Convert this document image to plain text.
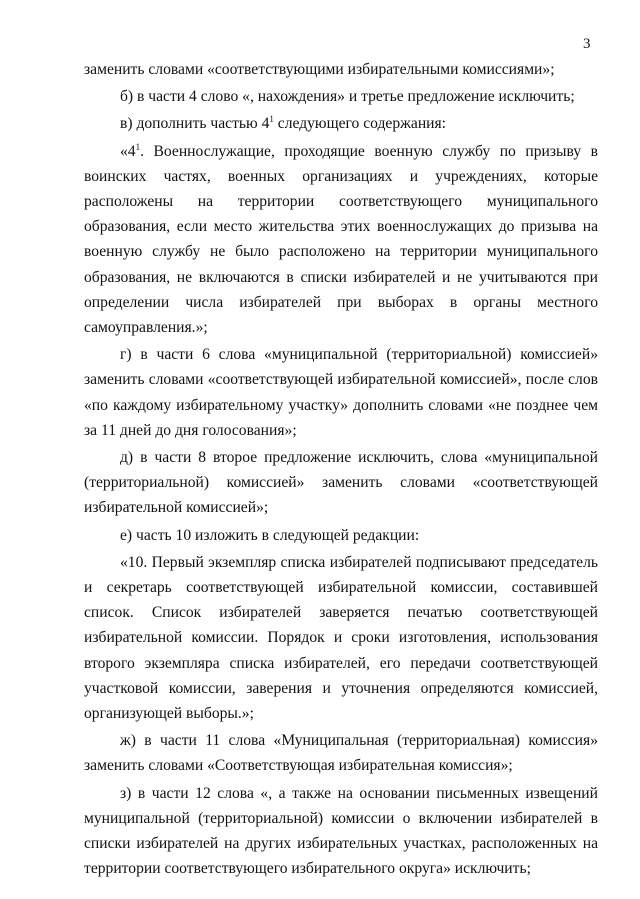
3

заменить словами «соответствующими избирательными комиссиями»;

б) в части 4 слово «, нахождения» и третье предложение исключить;

в) дополнить частью $4^1$ следующего содержания:

«$4^1$. Военнослужащие, проходящие военную службу по призыву в воинских частях, военных организациях и учреждениях, которые расположены на территории соответствующего муниципального образования, если место жительства этих военнослужащих до призыва на военную службу не было расположено на территории муниципального образования, не включаются в списки избирателей и не учитываются при определении числа избирателей при выборах в органы местного самоуправления.»;

г) в части 6 слова «муниципальной (территориальной) комиссией» заменить словами «соответствующей избирательной комиссией», после слов «по каждому избирательному участку» дополнить словами «не позднее чем за 11 дней до дня голосования»;

д) в части 8 второе предложение исключить, слова «муниципальной (территориальной) комиссией» заменить словами «соответствующей избирательной комиссией»;

е) часть 10 изложить в следующей редакции:

«10. Первый экземпляр списка избирателей подписывают председатель и секретарь соответствующей избирательной комиссии, составившей список. Список избирателей заверяется печатью соответствующей избирательной комиссии. Порядок и сроки изготовления, использования второго экземпляра списка избирателей, его передачи соответствующей участковой комиссии, заверения и уточнения определяются комиссией, организующей выборы.»;

ж) в части 11 слова «Муниципальная (территориальная) комиссия» заменить словами «Соответствующая избирательная комиссия»;

з) в части 12 слова «, а также на основании письменных извещений муниципальной (территориальной) комиссии о включении избирателей в списки избирателей на других избирательных участках, расположенных на территории соответствующего избирательного округа» исключить;
